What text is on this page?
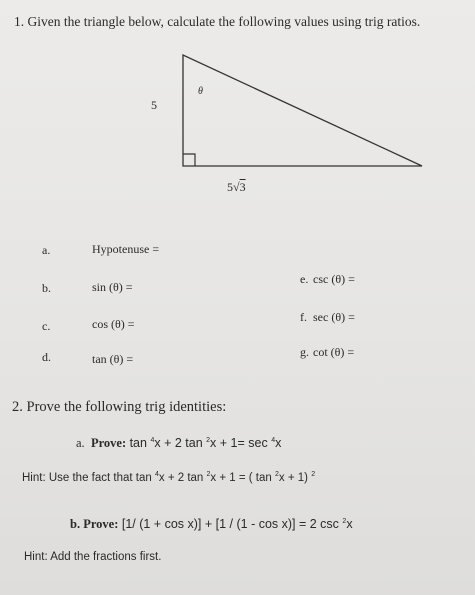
1. Given the triangle below, calculate the following values using trig ratios.
θ
5
5√3
a.	Hypotenuse =
b.	sin (θ) =
c.	cos (θ) =
d.	tan (θ) =
e. csc (θ) =
f. sec (θ) =
g. cot (θ) =
2. Prove the following trig identities:
a. Prove: tan $^4$x + 2 tan $^2$x + 1= sec $^4$x
Hint: Use the fact that tan $^4$x + 2 tan $^2$x + 1 = ( tan $^2$x + 1) $^2$
b. Prove: [1/ (1 + cos x)] + [1 / (1 - cos x)] = 2 csc $^2$x
Hint: Add the fractions first.
